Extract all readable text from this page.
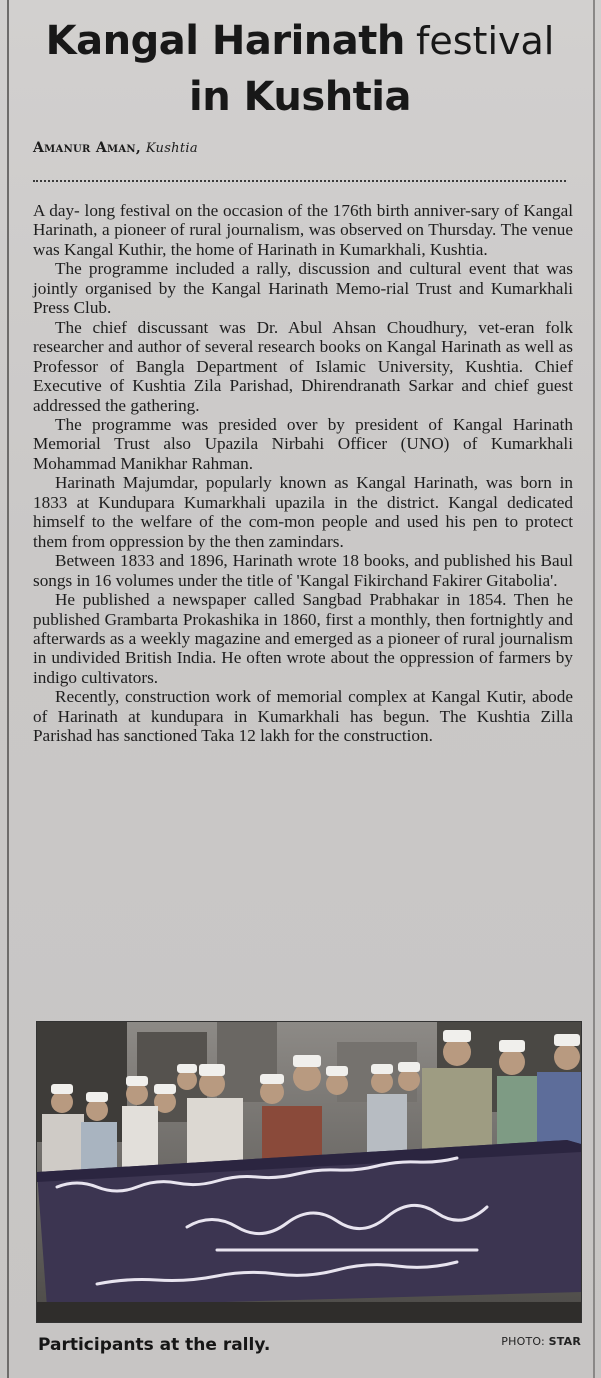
Kangal Harinath festival
in Kushtia
Amanur Aman, Kushtia

A day- long festival on the occasion of the 176th birth anniver-sary of Kangal Harinath, a pioneer of rural journalism, was observed on Thursday. The venue was Kangal Kuthir, the home of Harinath in Kumarkhali, Kushtia.

The programme included a rally, discussion and cultural event that was jointly organised by the Kangal Harinath Memo-rial Trust and Kumarkhali Press Club.

The chief discussant was Dr. Abul Ahsan Choudhury, vet-eran folk researcher and author of several research books on Kangal Harinath as well as Professor of Bangla Department of Islamic University, Kushtia. Chief Executive of Kushtia Zila Parishad, Dhirendranath Sarkar and chief guest addressed the gathering.

The programme was presided over by president of Kangal Harinath Memorial Trust also Upazila Nirbahi Officer (UNO) of Kumarkhali Mohammad Manikhar Rahman.

Harinath Majumdar, popularly known as Kangal Harinath, was born in 1833 at Kundupara Kumarkhali upazila in the district. Kangal dedicated himself to the welfare of the com-mon people and used his pen to protect them from oppression by the then zamindars.

Between 1833 and 1896, Harinath wrote 18 books, and published his Baul songs in 16 volumes under the title of 'Kangal Fikirchand Fakirer Gitabolia'.

He published a newspaper called Sangbad Prabhakar in 1854. Then he published Grambarta Prokashika in 1860, first a monthly, then fortnightly and afterwards as a weekly magazine and emerged as a pioneer of rural journalism in undivided British India. He often wrote about the oppression of farmers by indigo cultivators.

Recently, construction work of memorial complex at Kangal Kutir, abode of Harinath at kundupara in Kumarkhali has begun. The Kushtia Zilla Parishad has sanctioned Taka 12 lakh for the construction.

Participants at the rally.	PHOTO: STAR
